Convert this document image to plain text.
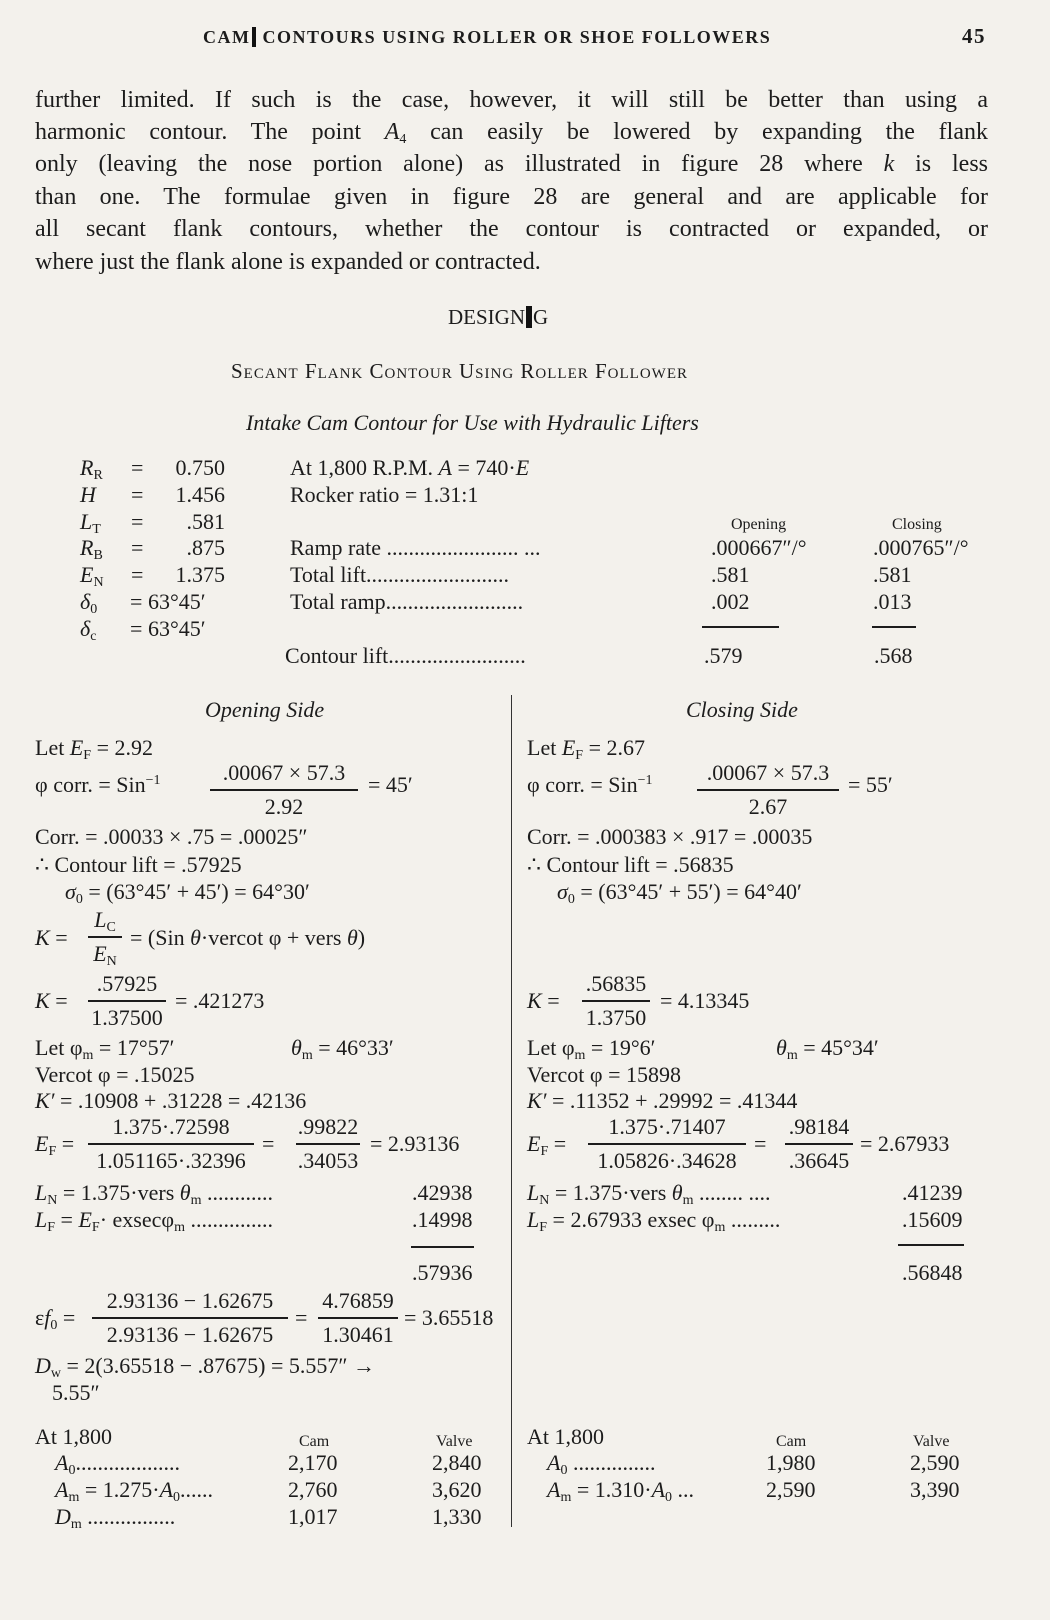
CAM CONTOURS USING ROLLER OR SHOE FOLLOWERS	45
further limited. If such is the case, however, it will still be better than using a
harmonic contour. The point $A_4$ can easily be lowered by expanding the flank
only (leaving the nose portion alone) as illustrated in figure 28 where k is less
than one. The formulae given in figure 28 are general and are applicable for
all secant flank contours, whether the contour is contracted or expanded, or
where just the flank alone is expanded or contracted.
DESIGN G
Secant Flank Contour Using Roller Follower
Intake Cam Contour for Use with Hydraulic Lifters
$R_R$ =	0.750
H =	1.456
$L_T$ =	.581
$R_B$ =	.875
$E_N$ =	1.375
$\delta_0 = 63^\circ 45'$
$\delta_c = 63^\circ 45'$
At 1,800 R.P.M. A = 740·E
Rocker ratio = 1.31:1
Opening	Closing
Ramp rate ........................ ...	.000667″/°	.000765″/°
Total lift..........................	.581	.581
Total ramp.........................	.002	.013
Contour lift.........................	.579	.568
Opening Side
Let $E_F = 2.92$
φ corr. = $Sin^{-1} \frac{.00067 \times 57.3}{2.92} = 45'$
Corr. = .00033 × .75 = .00025″
∴ Contour lift = .57925
$\sigma_0 = (63^\circ 45' + 45') = 64^\circ 30'$
$K = \frac{L_C}{E_N} = (Sin$ θ·vercot φ + vers θ)
$K = \frac{.57925}{1.37500} = .421273$
Let $\varphi_m = 17^\circ 57'$	$\theta_m = 46^\circ 33'$
Vercot φ = .15025
K′ = .10908 + .31228 = .42136
$E_F = \frac{1.375\cdot.72598}{1.051165\cdot.32396} = \frac{.99822}{.34053} = 2.93136$
$L_N$ = 1.375·vers $\theta_m$ ............	.42938
$L_F = E_F\cdot exsec\varphi_m$ ...............	.14998
.57936
$\varepsilon f_0 = \frac{2.93136 - 1.62675}{2.93136 - 1.62675} = \frac{4.76859}{1.30461} = 3.65518$
$D_w = 2(3.65518 - .87675) = 5.557''$ →
5.55″
At 1,800	Cam	Valve
$A_0$...................	2,170	2,840
$A_m = 1.275\cdot A_0$......	2,760	3,620
$D_m$ ................	1,017	1,330
Closing Side
Let $E_F = 2.67$
φ corr. = $Sin^{-1} \frac{.00067 \times 57.3}{2.67} = 55'$
Corr. = .000383 × .917 = .00035
∴ Contour lift = .56835
$\sigma_0 = (63^\circ 45' + 55') = 64^\circ 40'$
$K = \frac{.56835}{1.3750} = 4.13345$
Let $\varphi_m = 19^\circ 6'$	$\theta_m = 45^\circ 34'$
Vercot φ = 15898
K′ = .11352 + .29992 = .41344
$E_F = \frac{1.375\cdot.71407}{1.05826\cdot.34628} = \frac{.98184}{.36645} = 2.67933$
$L_N$ = 1.375·vers $\theta_m$ ........ ....	.41239
$L_F = 2.67933$ exsec $\varphi_m$ .........	.15609
.56848
At 1,800	Cam	Valve
$A_0$ ...............	1,980	2,590
$A_m = 1.310\cdot A_0$ ...	2,590	3,390
